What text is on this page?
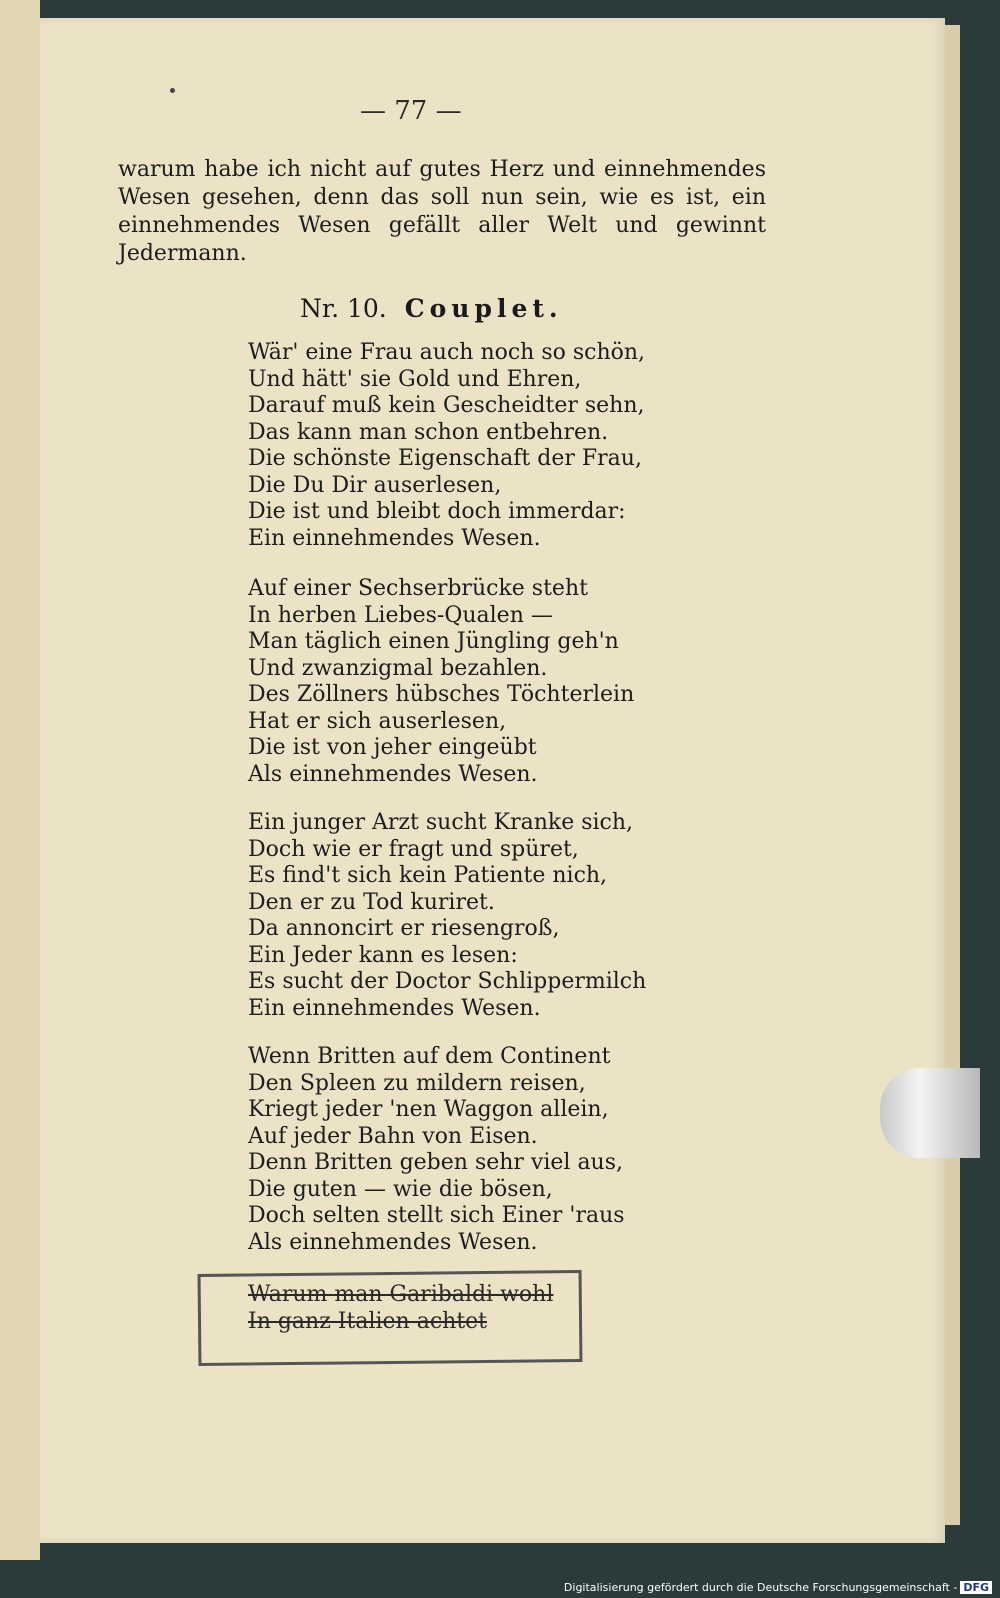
— 77 —
warum habe ich nicht auf gutes Herz und einnehmendes Wesen gesehen, denn das soll nun sein, wie es ist, ein einnehmendes Wesen gefällt aller Welt und gewinnt Jedermann.
Nr. 10. Couplet.
Wär' eine Frau auch noch so schön,
Und hätt' sie Gold und Ehren,
Darauf muß kein Gescheidter sehn,
Das kann man schon entbehren.
Die schönste Eigenschaft der Frau,
Die Du Dir auserlesen,
Die ist und bleibt doch immerdar:
Ein einnehmendes Wesen.
Auf einer Sechserbrücke steht
In herben Liebes-Qualen —
Man täglich einen Jüngling geh'n
Und zwanzigmal bezahlen.
Des Zöllners hübsches Töchterlein
Hat er sich auserlesen,
Die ist von jeher eingeübt
Als einnehmendes Wesen.
Ein junger Arzt sucht Kranke sich,
Doch wie er fragt und spüret,
Es find't sich kein Patiente nich,
Den er zu Tod kuriret.
Da annoncirt er riesengroß,
Ein Jeder kann es lesen:
Es sucht der Doctor Schlippermilch
Ein einnehmendes Wesen.
Wenn Britten auf dem Continent
Den Spleen zu mildern reisen,
Kriegt jeder 'nen Waggon allein,
Auf jeder Bahn von Eisen.
Denn Britten geben sehr viel aus,
Die guten — wie die bösen,
Doch selten stellt sich Einer 'raus
Als einnehmendes Wesen.
Warum man Garibaldi wohl
In ganz Italien achtet
Digitalisierung gefördert durch die Deutsche Forschungsgemeinschaft - DFG
